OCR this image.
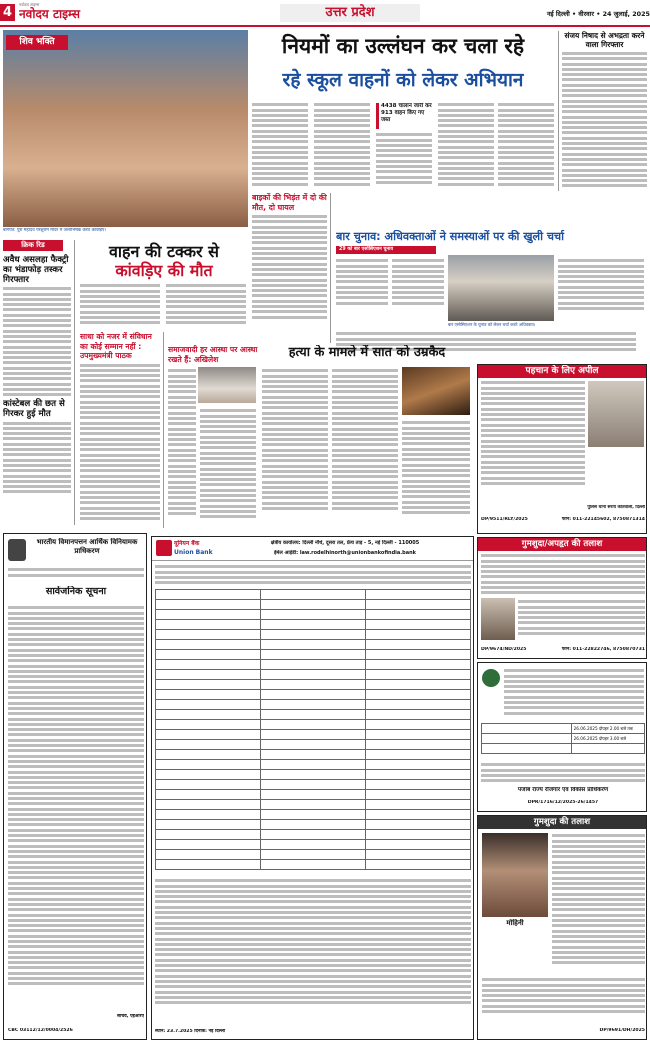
4
नवोदय टाइम्स
नवोदय टाइम्स	उत्तर प्रदेश	नई दिल्ली • वीरवार • 24 जुलाई, 2025
शिव भक्ति
बागपत: पुरा महादेव परशुराम मंदिर में जलाभिषेक करते कांवड़िए।
नियमों का उल्लंघन कर चला रहे
रहे स्कूल वाहनों को लेकर अभियान
4438 चालान जारी कर 913 वाहन किए गए जब्त
संजय निषाद से अभद्रता करने वाला गिरफ्तार
क्रिक रिड
अवैध असलहा फैक्ट्री का भंडाफोड़ तस्कर गिरफ्तार
कांस्टेबल की छत से गिरकर हुई मौत
वाहन की टक्कर से
कांवड़िए की मौत
बाइकों की भिड़ंत में दो की मौत, दो घायल
बार चुनाव: अधिवक्ताओं ने समस्याओं पर की खुली चर्चा
29 को बार एसोसिएशन चुनाव
बार एसोसिएशन के चुनाव को लेकर चर्चा करते अधिवक्ता।
साधा को नजर में संविधान का कोई सम्मान नहीं : उपमुख्यमंत्री पाठक
समाजवादी हर आस्था पर आस्था रखते हैं: अखिलेश	हत्या के मामले में सात को उम्रकैद
पहचान के लिए अपील
पुलिस थाना सराय कोतवाली, दिल्ली
DP/9511/RLY/2025	फोन: 011-22145602, 8750871314
गुमशुदा/अपहृत की तलाश
DP/9674/ND/2025	फोन: 011-22822746, 8750870731
	26.06.2025 दोपहर 2.00 बजे तक
	26.06.2025 दोपहर 3.00 बजे

पंजाब राज्य रोजगार एवं विकास प्राधिकरण
DPR/1716/12/2025-26/1457
गुमशुदा की तलाश
मोहिनी
DP/9691/DH/2025
भारतीय विमानपत्तन आर्थिक विनियामक प्राधिकरण
सार्वजनिक सूचना
सचिव, एईआरए
CBC 03112/12/0004/2526
यूनियन बैंक
Union Bank
क्षेत्रीय कार्यालय: दिल्ली नॉर्थ, दूसरा तल, फ्रेंच ताइ - 5, नई दिल्ली - 110005
ईमेल आईडी: law.rodelhinorth@unionbankofindia.bank

स्थान: 23.7.2025 दिनांक: नई दिल्ली
